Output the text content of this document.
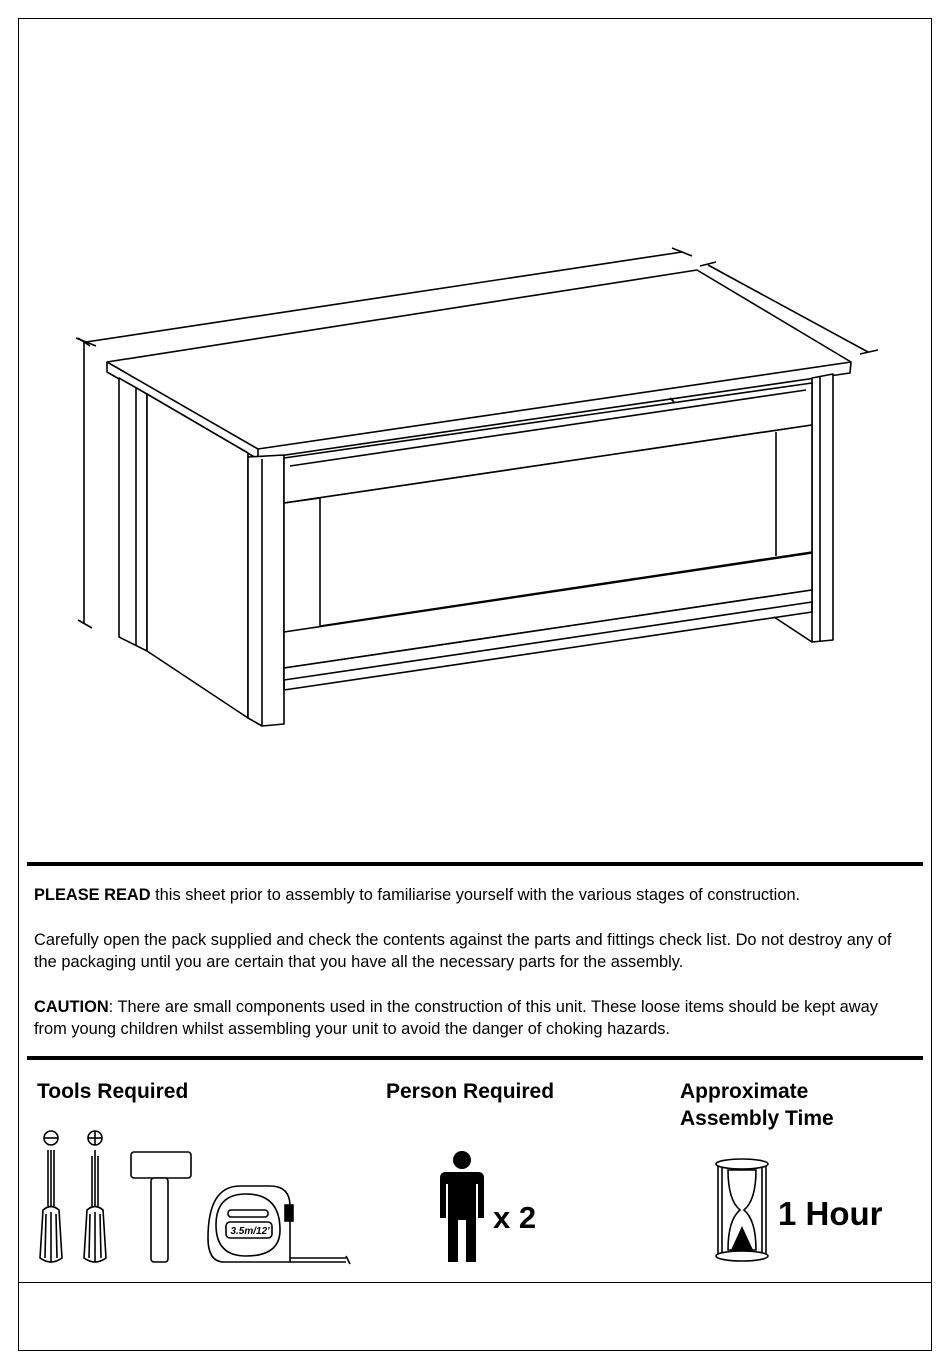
PLEASE READ this sheet prior to assembly to familiarise yourself with the various stages of construction.

Carefully open the pack supplied and check the contents against the parts and fittings check list. Do not destroy any of the packaging until you are certain that you have all the necessary parts for the assembly.

CAUTION: There are small components used in the construction of this unit. These loose items should be kept away from young children whilst assembling your unit to avoid the danger of choking hazards.

Tools Required	Person Required	Approximate
Assembly Time
x 2	1 Hour
3.5m/12'
